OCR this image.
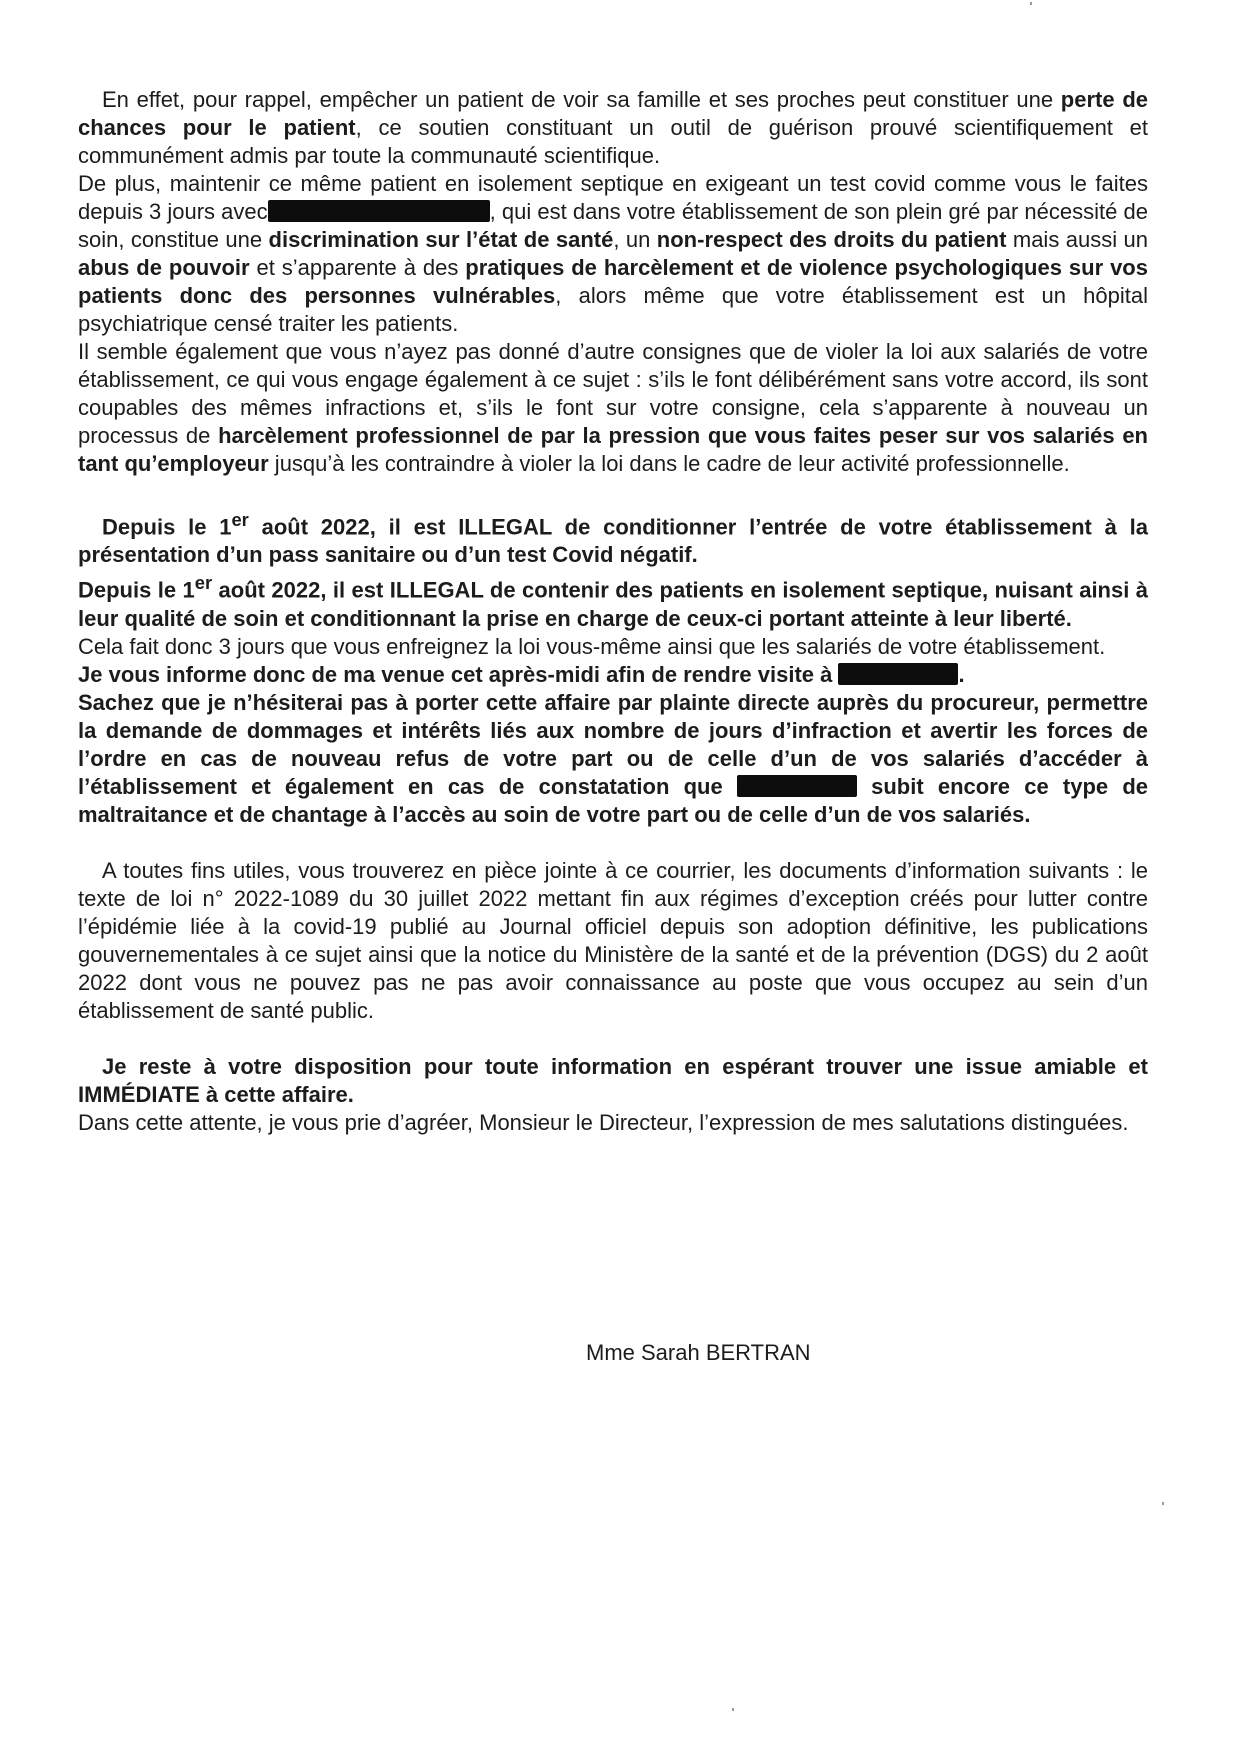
En effet, pour rappel, empêcher un patient de voir sa famille et ses proches peut constituer une perte de chances pour le patient, ce soutien constituant un outil de guérison prouvé scientifiquement et communément admis par toute la communauté scientifique.

De plus, maintenir ce même patient en isolement septique en exigeant un test covid comme vous le faites depuis 3 jours avec	, qui est dans votre établissement de son plein gré par nécessité de soin, constitue une discrimination sur l’état de santé, un non-respect des droits du patient mais aussi un abus de pouvoir et s’apparente à des pratiques de harcèlement et de violence psychologiques sur vos patients donc des personnes vulnérables, alors même que votre établissement est un hôpital psychiatrique censé traiter les patients.

Il semble également que vous n’ayez pas donné d’autre consignes que de violer la loi aux salariés de votre établissement, ce qui vous engage également à ce sujet : s’ils le font délibérément sans votre accord, ils sont coupables des mêmes infractions et, s’ils le font sur votre consigne, cela s’apparente à nouveau un processus de harcèlement professionnel de par la pression que vous faites peser sur vos salariés en tant qu’employeur jusqu’à les contraindre à violer la loi dans le cadre de leur activité professionnelle.

Depuis le 1er août 2022, il est ILLEGAL de conditionner l’entrée de votre établissement à la présentation d’un pass sanitaire ou d’un test Covid négatif.

Depuis le 1er août 2022, il est ILLEGAL de contenir des patients en isolement septique, nuisant ainsi à leur qualité de soin et conditionnant la prise en charge de ceux-ci portant atteinte à leur liberté.

Cela fait donc 3 jours que vous enfreignez la loi vous-même ainsi que les salariés de votre établissement.

Je vous informe donc de ma venue cet après-midi afin de rendre visite à	.

Sachez que je n’hésiterai pas à porter cette affaire par plainte directe auprès du procureur, permettre la demande de dommages et intérêts liés aux nombre de jours d’infraction et avertir les forces de l’ordre en cas de nouveau refus de votre part ou de celle d’un de vos salariés d’accéder à l’établissement et également en cas de constatation que	subit encore ce type de maltraitance et de chantage à l’accès au soin de votre part ou de celle d’un de vos salariés.

A toutes fins utiles, vous trouverez en pièce jointe à ce courrier, les documents d’information suivants : le texte de loi n° 2022-1089 du 30 juillet 2022 mettant fin aux régimes d’exception créés pour lutter contre l’épidémie liée à la covid-19 publié au Journal officiel depuis son adoption définitive, les publications gouvernementales à ce sujet ainsi que la notice du Ministère de la santé et de la prévention (DGS) du 2 août 2022 dont vous ne pouvez pas ne pas avoir connaissance au poste que vous occupez au sein d’un établissement de santé public.

Je reste à votre disposition pour toute information en espérant trouver une issue amiable et IMMÉDIATE à cette affaire.

Dans cette attente, je vous prie d’agréer, Monsieur le Directeur, l’expression de mes salutations distinguées.

Mme Sarah BERTRAN
